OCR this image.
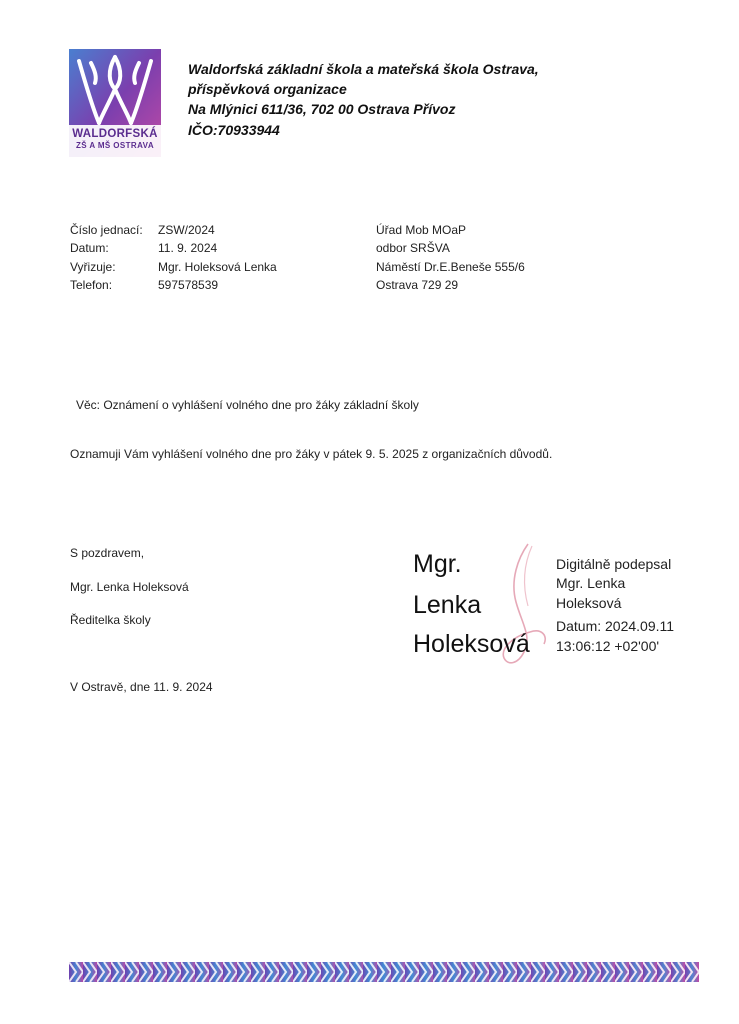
WALDORFSKÁ
ZŠ A MŠ OSTRAVA
Waldorfská základní škola a mateřská škola Ostrava,
příspěvková organizace
Na Mlýnici 611/36, 702 00 Ostrava Přívoz
IČO:70933944
Číslo jednací: ZSW/2024
Datum:	11. 9. 2024
Vyřizuje:	Mgr. Holeksová Lenka
Telefon:	597578539
Úřad Mob MOaP
odbor SRŠVA
Náměstí Dr.E.Beneše 555/6
Ostrava 729 29
Věc: Oznámení o vyhlášení volného dne pro žáky základní školy
Oznamuji Vám vyhlášení volného dne pro žáky v pátek 9. 5. 2025 z organizačních důvodů.
S pozdravem,
Mgr. Lenka Holeksová
Ředitelka školy
V Ostravě, dne 11. 9. 2024
Mgr.
Lenka
Holeksová
Digitálně podepsal
Mgr. Lenka
Holeksová
Datum: 2024.09.11
13:06:12 +02'00'
